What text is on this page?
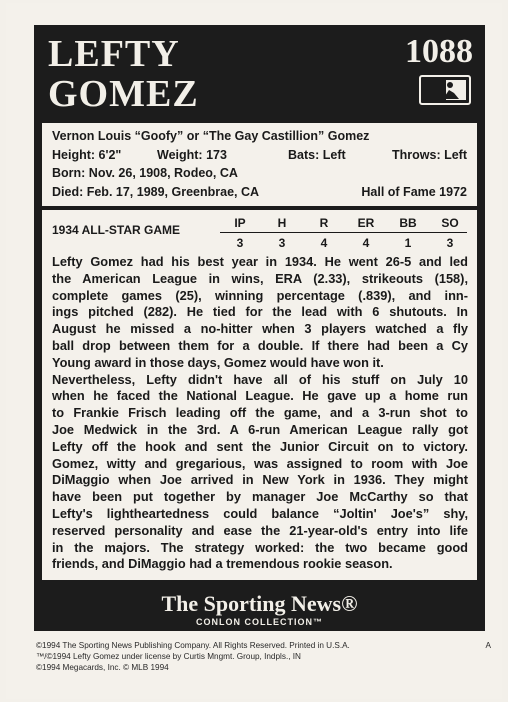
LEFTY
GOMEZ
1088
Vernon Louis “Goofy” or “The Gay Castillion” Gomez
Height: 6'2"	Weight: 173	Bats: Left	Throws: Left
Born: Nov. 26, 1908, Rodeo, CA
Died: Feb. 17, 1989, Greenbrae, CA	Hall of Fame 1972
1934 ALL-STAR GAME	IP	H	R	ER	BB	SO
3	3	4	4	1	3
Lefty Gomez had his best year in 1934. He went 26-5 and led
the American League in wins, ERA (2.33), strikeouts (158),
complete games (25), winning percentage (.839), and inn-
ings pitched (282). He tied for the lead with 6 shutouts. In
August he missed a no-hitter when 3 players watched a fly
ball drop between them for a double. If there had been a Cy
Young award in those days, Gomez would have won it.
Nevertheless, Lefty didn't have all of his stuff on July 10
when he faced the National League. He gave up a home run
to Frankie Frisch leading off the game, and a 3-run shot to
Joe Medwick in the 3rd. A 6-run American League rally got
Lefty off the hook and sent the Junior Circuit on to victory.
Gomez, witty and gregarious, was assigned to room with Joe
DiMaggio when Joe arrived in New York in 1936. They might
have been put together by manager Joe McCarthy so that
Lefty's lightheartedness could balance “Joltin' Joe's” shy,
reserved personality and ease the 21-year-old's entry into life
in the majors. The strategy worked: the two became good
friends, and DiMaggio had a tremendous rookie season.
The Sporting News®
CONLON COLLECTION™
©1994 The Sporting News Publishing Company. All Rights Reserved. Printed in U.S.A.
™/©1994 Lefty Gomez under license by Curtis Mngmt. Group, Indpls., IN
©1994 Megacards, Inc. © MLB 1994
A
